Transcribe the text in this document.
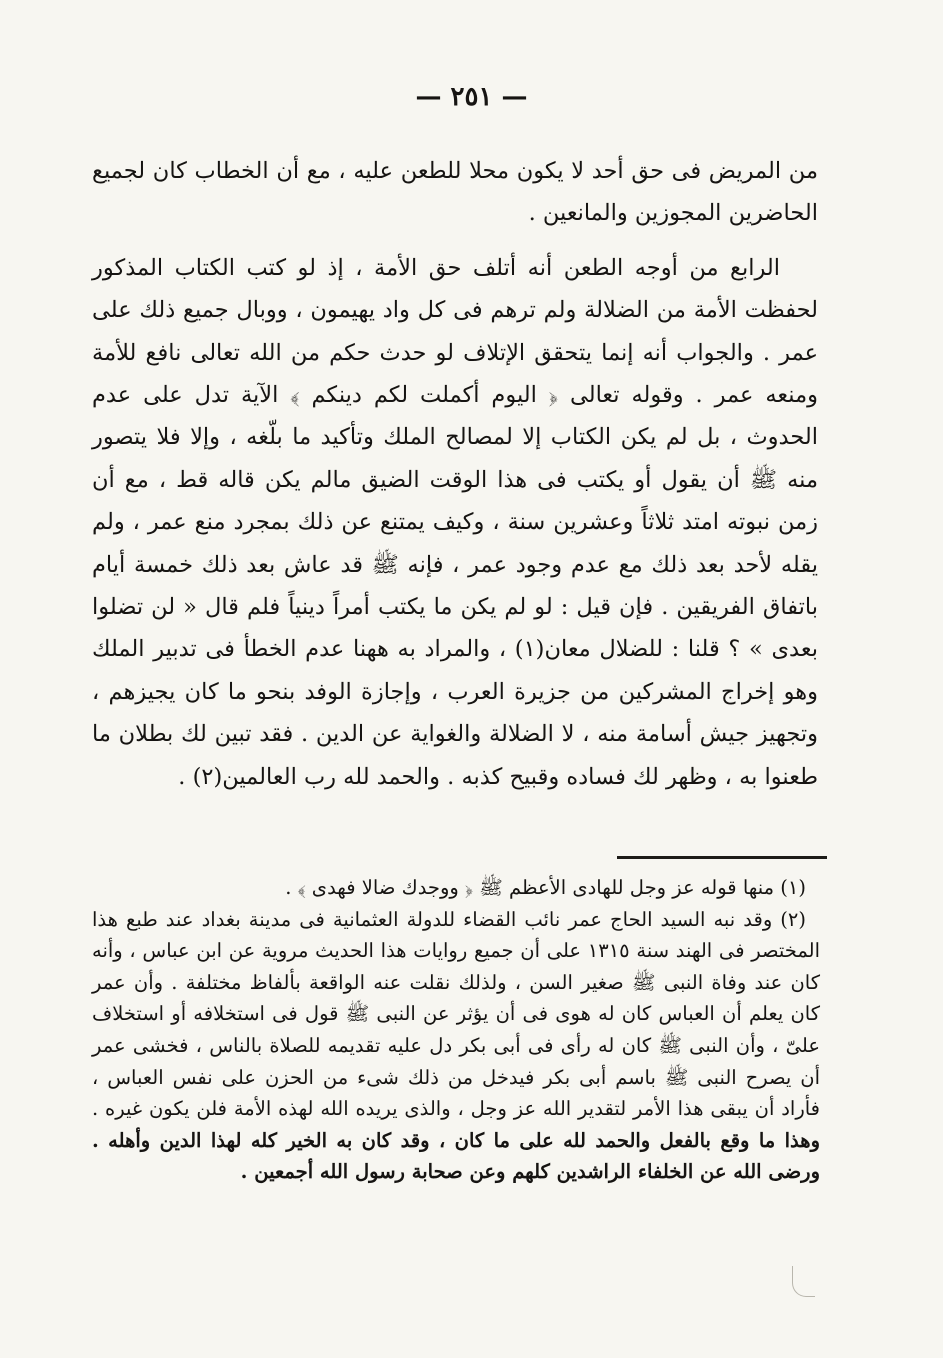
— ٢٥١ —

من المريض فى حق أحد لا يكون محلا للطعن عليه ، مع أن الخطاب كان لجميع الحاضرين المجوزين والمانعين .

الرابع من أوجه الطعن أنه أتلف حق الأمة ، إذ لو كتب الكتاب المذكور لحفظت الأمة من الضلالة ولم ترهم فى كل واد يهيمون ، ووبال جميع ذلك على عمر . والجواب أنه إنما يتحقق الإتلاف لو حدث حكم من الله تعالى نافع للأمة ومنعه عمر . وقوله تعالى ﴿ اليوم أكملت لكم دينكم ﴾ الآية تدل على عدم الحدوث ، بل لم يكن الكتاب إلا لمصالح الملك وتأكيد ما بلّغه ، وإلا فلا يتصور منه ﷺ أن يقول أو يكتب فى هذا الوقت الضيق مالم يكن قاله قط ، مع أن زمن نبوته امتد ثلاثاً وعشرين سنة ، وكيف يمتنع عن ذلك بمجرد منع عمر ، ولم يقله لأحد بعد ذلك مع عدم وجود عمر ، فإنه ﷺ قد عاش بعد ذلك خمسة أيام باتفاق الفريقين . فإن قيل : لو لم يكن ما يكتب أمراً دينياً فلم قال « لن تضلوا بعدى » ؟ قلنا : للضلال معان(١) ، والمراد به ههنا عدم الخطأ فى تدبير الملك وهو إخراج المشركين من جزيرة العرب ، وإجازة الوفد بنحو ما كان يجيزهم ، وتجهيز جيش أسامة منه ، لا الضلالة والغواية عن الدين . فقد تبين لك بطلان ما طعنوا به ، وظهر لك فساده وقبيح كذبه . والحمد لله رب العالمين(٢) .

(١) منها قوله عز وجل للهادى الأعظم ﷺ ﴿ ووجدك ضالا فهدى ﴾ .

(٢) وقد نبه السيد الحاج عمر نائب القضاء للدولة العثمانية فى مدينة بغداد عند طبع هذا المختصر فى الهند سنة ١٣١٥ على أن جميع روايات هذا الحديث مروية عن ابن عباس ، وأنه كان عند وفاة النبى ﷺ صغير السن ، ولذلك نقلت عنه الواقعة بألفاظ مختلفة . وأن عمر كان يعلم أن العباس كان له هوى فى أن يؤثر عن النبى ﷺ قول فى استخلافه أو استخلاف علىّ ، وأن النبى ﷺ كان له رأى فى أبى بكر دل عليه تقديمه للصلاة بالناس ، فخشى عمر أن يصرح النبى ﷺ باسم أبى بكر فيدخل من ذلك شىء من الحزن على نفس العباس ، فأراد أن يبقى هذا الأمر لتقدير الله عز وجل ، والذى يريده الله لهذه الأمة فلن يكون غيره . وهذا ما وقع بالفعل والحمد لله على ما كان ، وقد كان به الخير كله لهذا الدين وأهله . ورضى الله عن الخلفاء الراشدين كلهم وعن صحابة رسول الله أجمعين .
